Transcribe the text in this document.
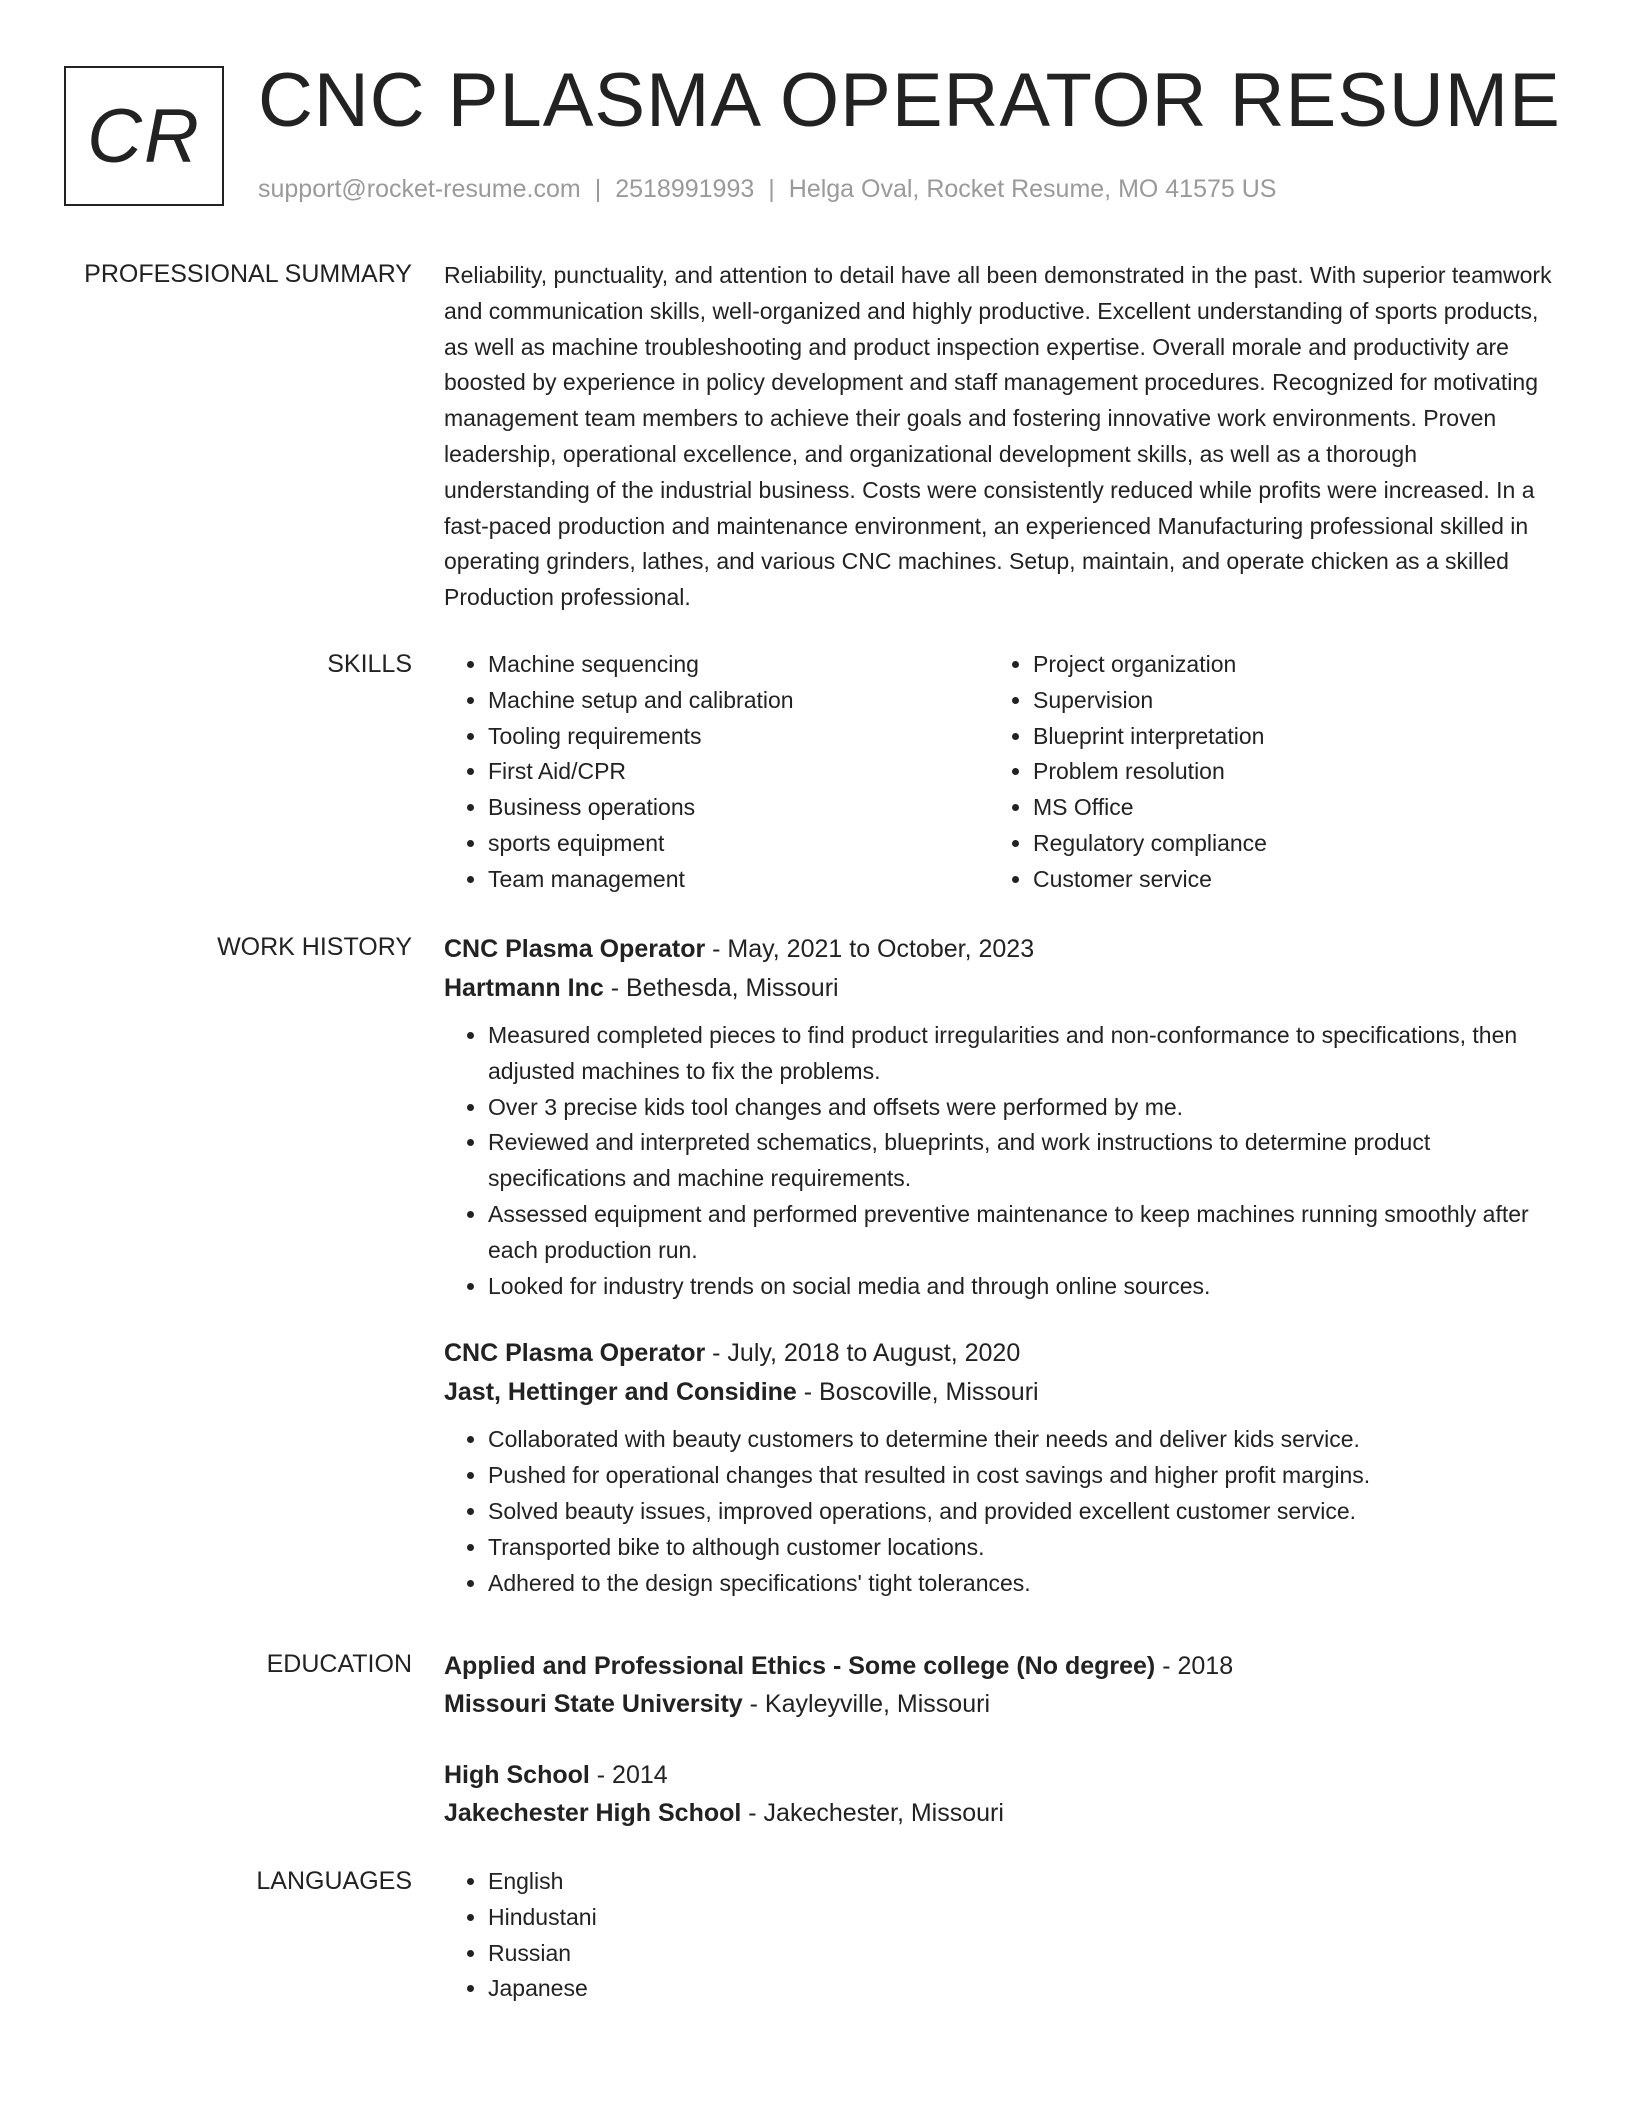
CR CNC PLASMA OPERATOR RESUME
support@rocket-resume.com | 2518991993 | Helga Oval, Rocket Resume, MO 41575 US
PROFESSIONAL SUMMARY Reliability, punctuality, and attention to detail have all been demonstrated in the past. With superior teamwork and communication skills, well-organized and highly productive. Excellent understanding of sports products, as well as machine troubleshooting and product inspection expertise. Overall morale and productivity are boosted by experience in policy development and staff management procedures. Recognized for motivating management team members to achieve their goals and fostering innovative work environments. Proven leadership, operational excellence, and organizational development skills, as well as a thorough understanding of the industrial business. Costs were consistently reduced while profits were increased. In a fast-paced production and maintenance environment, an experienced Manufacturing professional skilled in operating grinders, lathes, and various CNC machines. Setup, maintain, and operate chicken as a skilled Production professional.

SKILLS	• Machine sequencing
• Machine setup and calibration
• Tooling requirements
• First Aid/CPR
• Business operations
• sports equipment
• Team management
• Project organization
• Supervision
• Blueprint interpretation
• Problem resolution
• MS Office
• Regulatory compliance
• Customer service
WORK HISTORY CNC Plasma Operator - May, 2021 to October, 2023
Hartmann Inc - Bethesda, Missouri
• Measured completed pieces to find product irregularities and non-conformance to specifications, then adjusted machines to fix the problems.
• Over 3 precise kids tool changes and offsets were performed by me.
• Reviewed and interpreted schematics, blueprints, and work instructions to determine product specifications and machine requirements.
• Assessed equipment and performed preventive maintenance to keep machines running smoothly after each production run.
• Looked for industry trends on social media and through online sources.
CNC Plasma Operator - July, 2018 to August, 2020
Jast, Hettinger and Considine - Boscoville, Missouri
• Collaborated with beauty customers to determine their needs and deliver kids service.
• Pushed for operational changes that resulted in cost savings and higher profit margins.
• Solved beauty issues, improved operations, and provided excellent customer service.
• Transported bike to although customer locations.
• Adhered to the design specifications' tight tolerances.
EDUCATION Applied and Professional Ethics - Some college (No degree) - 2018
Missouri State University - Kayleyville, Missouri
High School - 2014
Jakechester High School - Jakechester, Missouri
LANGUAGES	• English
• Hindustani
• Russian
• Japanese
